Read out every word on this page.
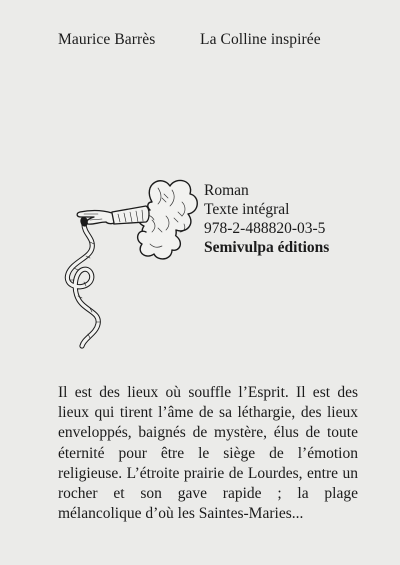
Maurice Barrès	La Colline inspirée
Roman
Texte intégral
978-2-488820-03-5
Semivulpa éditions
Il est des lieux où souffle l’Esprit. Il est des lieux qui tirent l’âme de sa léthargie, des lieux enveloppés, baignés de mystère, élus de toute éternité pour être le siège de l’émotion religieuse. L’étroite prairie de Lourdes, entre un rocher et son gave rapide ; la plage mélancolique d’où les Saintes-Maries...
